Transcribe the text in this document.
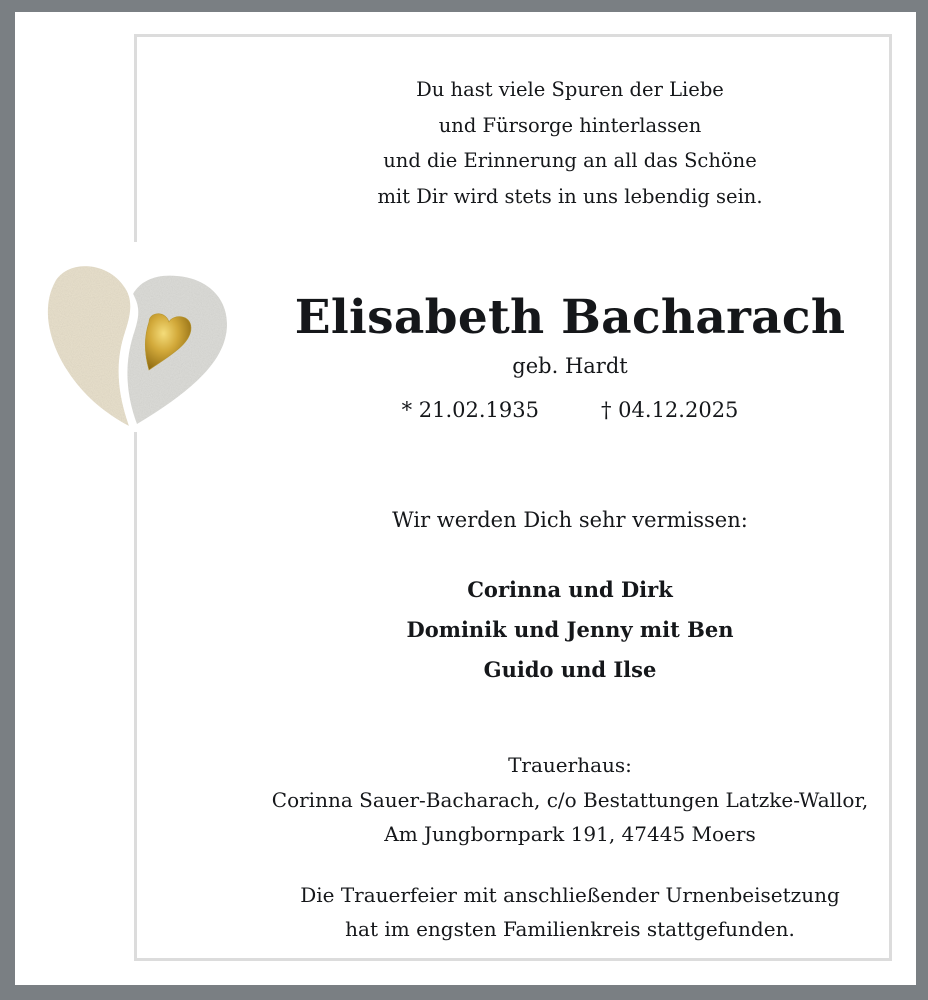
Du hast viele Spuren der Liebe
und Fürsorge hinterlassen
und die Erinnerung an all das Schöne
mit Dir wird stets in uns lebendig sein.
Elisabeth Bacharach
geb. Hardt
* 21.02.1935	† 04.12.2025
Wir werden Dich sehr vermissen:
Corinna und Dirk
Dominik und Jenny mit Ben
Guido und Ilse
Trauerhaus:
Corinna Sauer-Bacharach, c/o Bestattungen Latzke-Wallor,
Am Jungbornpark 191, 47445 Moers
Die Trauerfeier mit anschließender Urnenbeisetzung
hat im engsten Familienkreis stattgefunden.
